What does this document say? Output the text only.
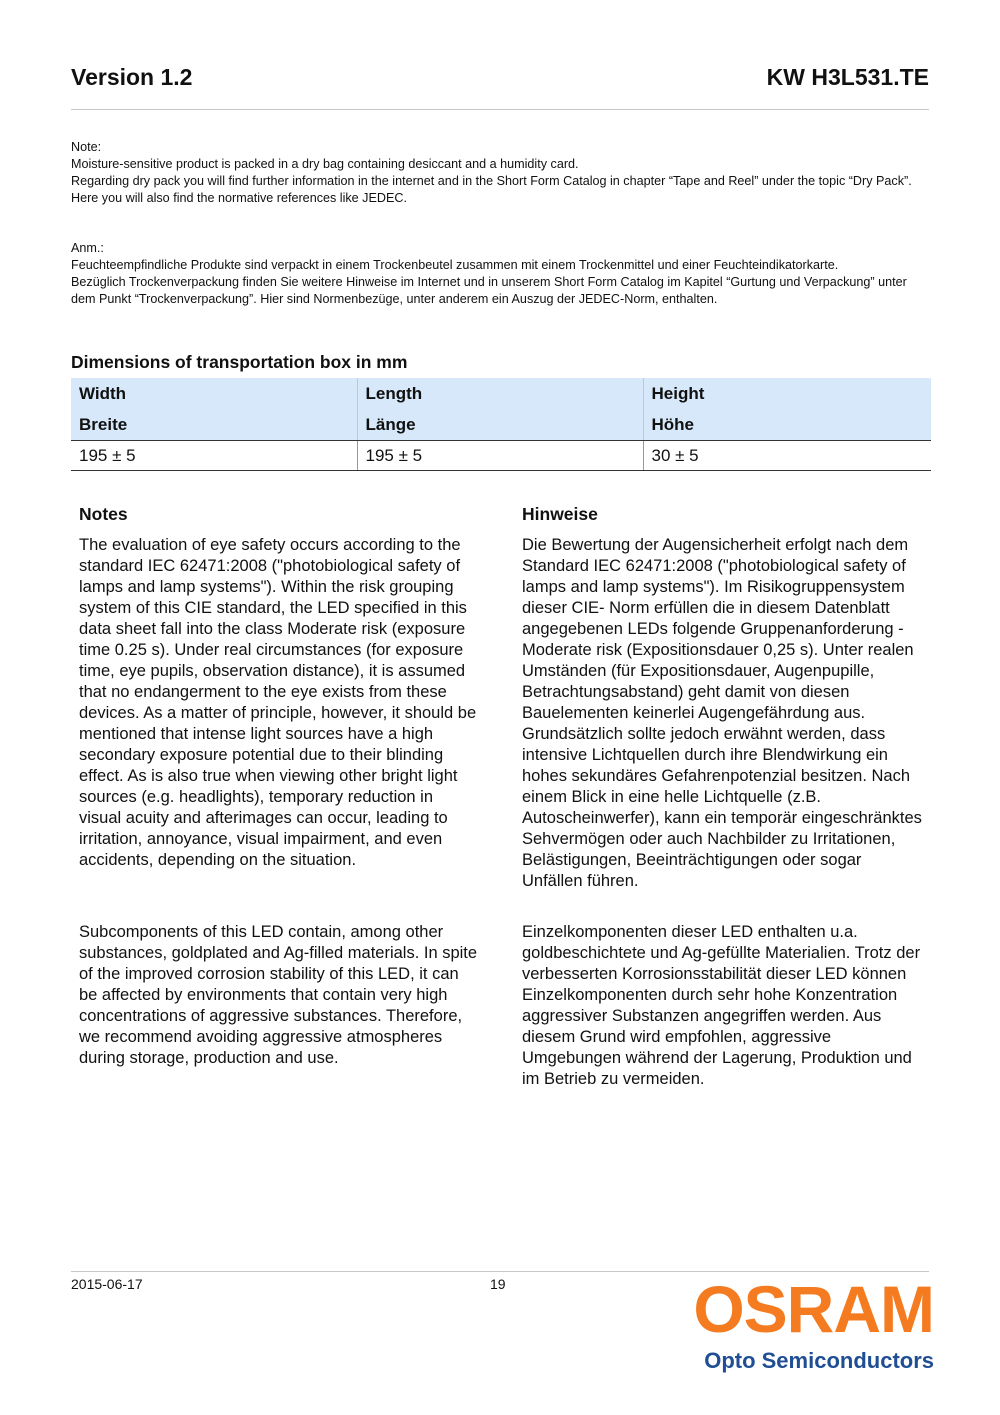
Version 1.2	KW H3L531.TE

Note:

Moisture-sensitive product is packed in a dry bag containing desiccant and a humidity card.

Regarding dry pack you will find further information in the internet and in the Short Form Catalog in chapter “Tape and Reel” under the topic “Dry Pack”. Here you will also find the normative references like JEDEC.

Anm.:

Feuchteempfindliche Produkte sind verpackt in einem Trockenbeutel zusammen mit einem Trockenmittel und einer Feuchteindikatorkarte.

Bezüglich Trockenverpackung finden Sie weitere Hinweise im Internet und in unserem Short Form Catalog im Kapitel “Gurtung und Verpackung” unter dem Punkt “Trockenverpackung”. Hier sind Normenbezüge, unter anderem ein Auszug der JEDEC-Norm, enthalten.

Dimensions of transportation box in mm
Width	Length	Height
Breite	Länge	Höhe
195 ± 5	195 ± 5	30 ± 5
Notes

The evaluation of eye safety occurs according to the standard IEC 62471:2008 ("photobiological safety of lamps and lamp systems"). Within the risk grouping system of this CIE standard, the LED specified in this data sheet fall into the class Moderate risk (exposure time 0.25 s). Under real circumstances (for exposure time, eye pupils, observation distance), it is assumed that no endangerment to the eye exists from these devices. As a matter of principle, however, it should be mentioned that intense light sources have a high secondary exposure potential due to their blinding effect. As is also true when viewing other bright light sources (e.g. headlights), temporary reduction in visual acuity and afterimages can occur, leading to irritation, annoyance, visual impairment, and even accidents, depending on the situation.

Subcomponents of this LED contain, among other substances, goldplated and Ag-filled materials. In spite of the improved corrosion stability of this LED, it can be affected by environments that contain very high concentrations of aggressive substances. Therefore, we recommend avoiding aggressive atmospheres during storage, production and use.

Hinweise

Die Bewertung der Augensicherheit erfolgt nach dem Standard IEC 62471:2008 ("photobiological safety of lamps and lamp systems"). Im Risikogruppensystem dieser CIE- Norm erfüllen die in diesem Datenblatt angegebenen LEDs folgende Gruppenanforderung - Moderate risk (Expositionsdauer 0,25 s). Unter realen Umständen (für Expositionsdauer, Augenpupille, Betrachtungsabstand) geht damit von diesen Bauelementen keinerlei Augengefährdung aus. Grundsätzlich sollte jedoch erwähnt werden, dass intensive Lichtquellen durch ihre Blendwirkung ein hohes sekundäres Gefahrenpotenzial besitzen. Nach einem Blick in eine helle Lichtquelle (z.B. Autoscheinwerfer), kann ein temporär eingeschränktes Sehvermögen oder auch Nachbilder zu Irritationen, Belästigungen, Beeinträchtigungen oder sogar Unfällen führen.

Einzelkomponenten dieser LED enthalten u.a. goldbeschichtete und Ag-gefüllte Materialien. Trotz der verbesserten Korrosionsstabilität dieser LED können Einzelkomponenten durch sehr hohe Konzentration aggressiver Substanzen angegriffen werden. Aus diesem Grund wird empfohlen, aggressive Umgebungen während der Lagerung, Produktion und im Betrieb zu vermeiden.

2015-06-17	19	OSRAM
Opto Semiconductors
